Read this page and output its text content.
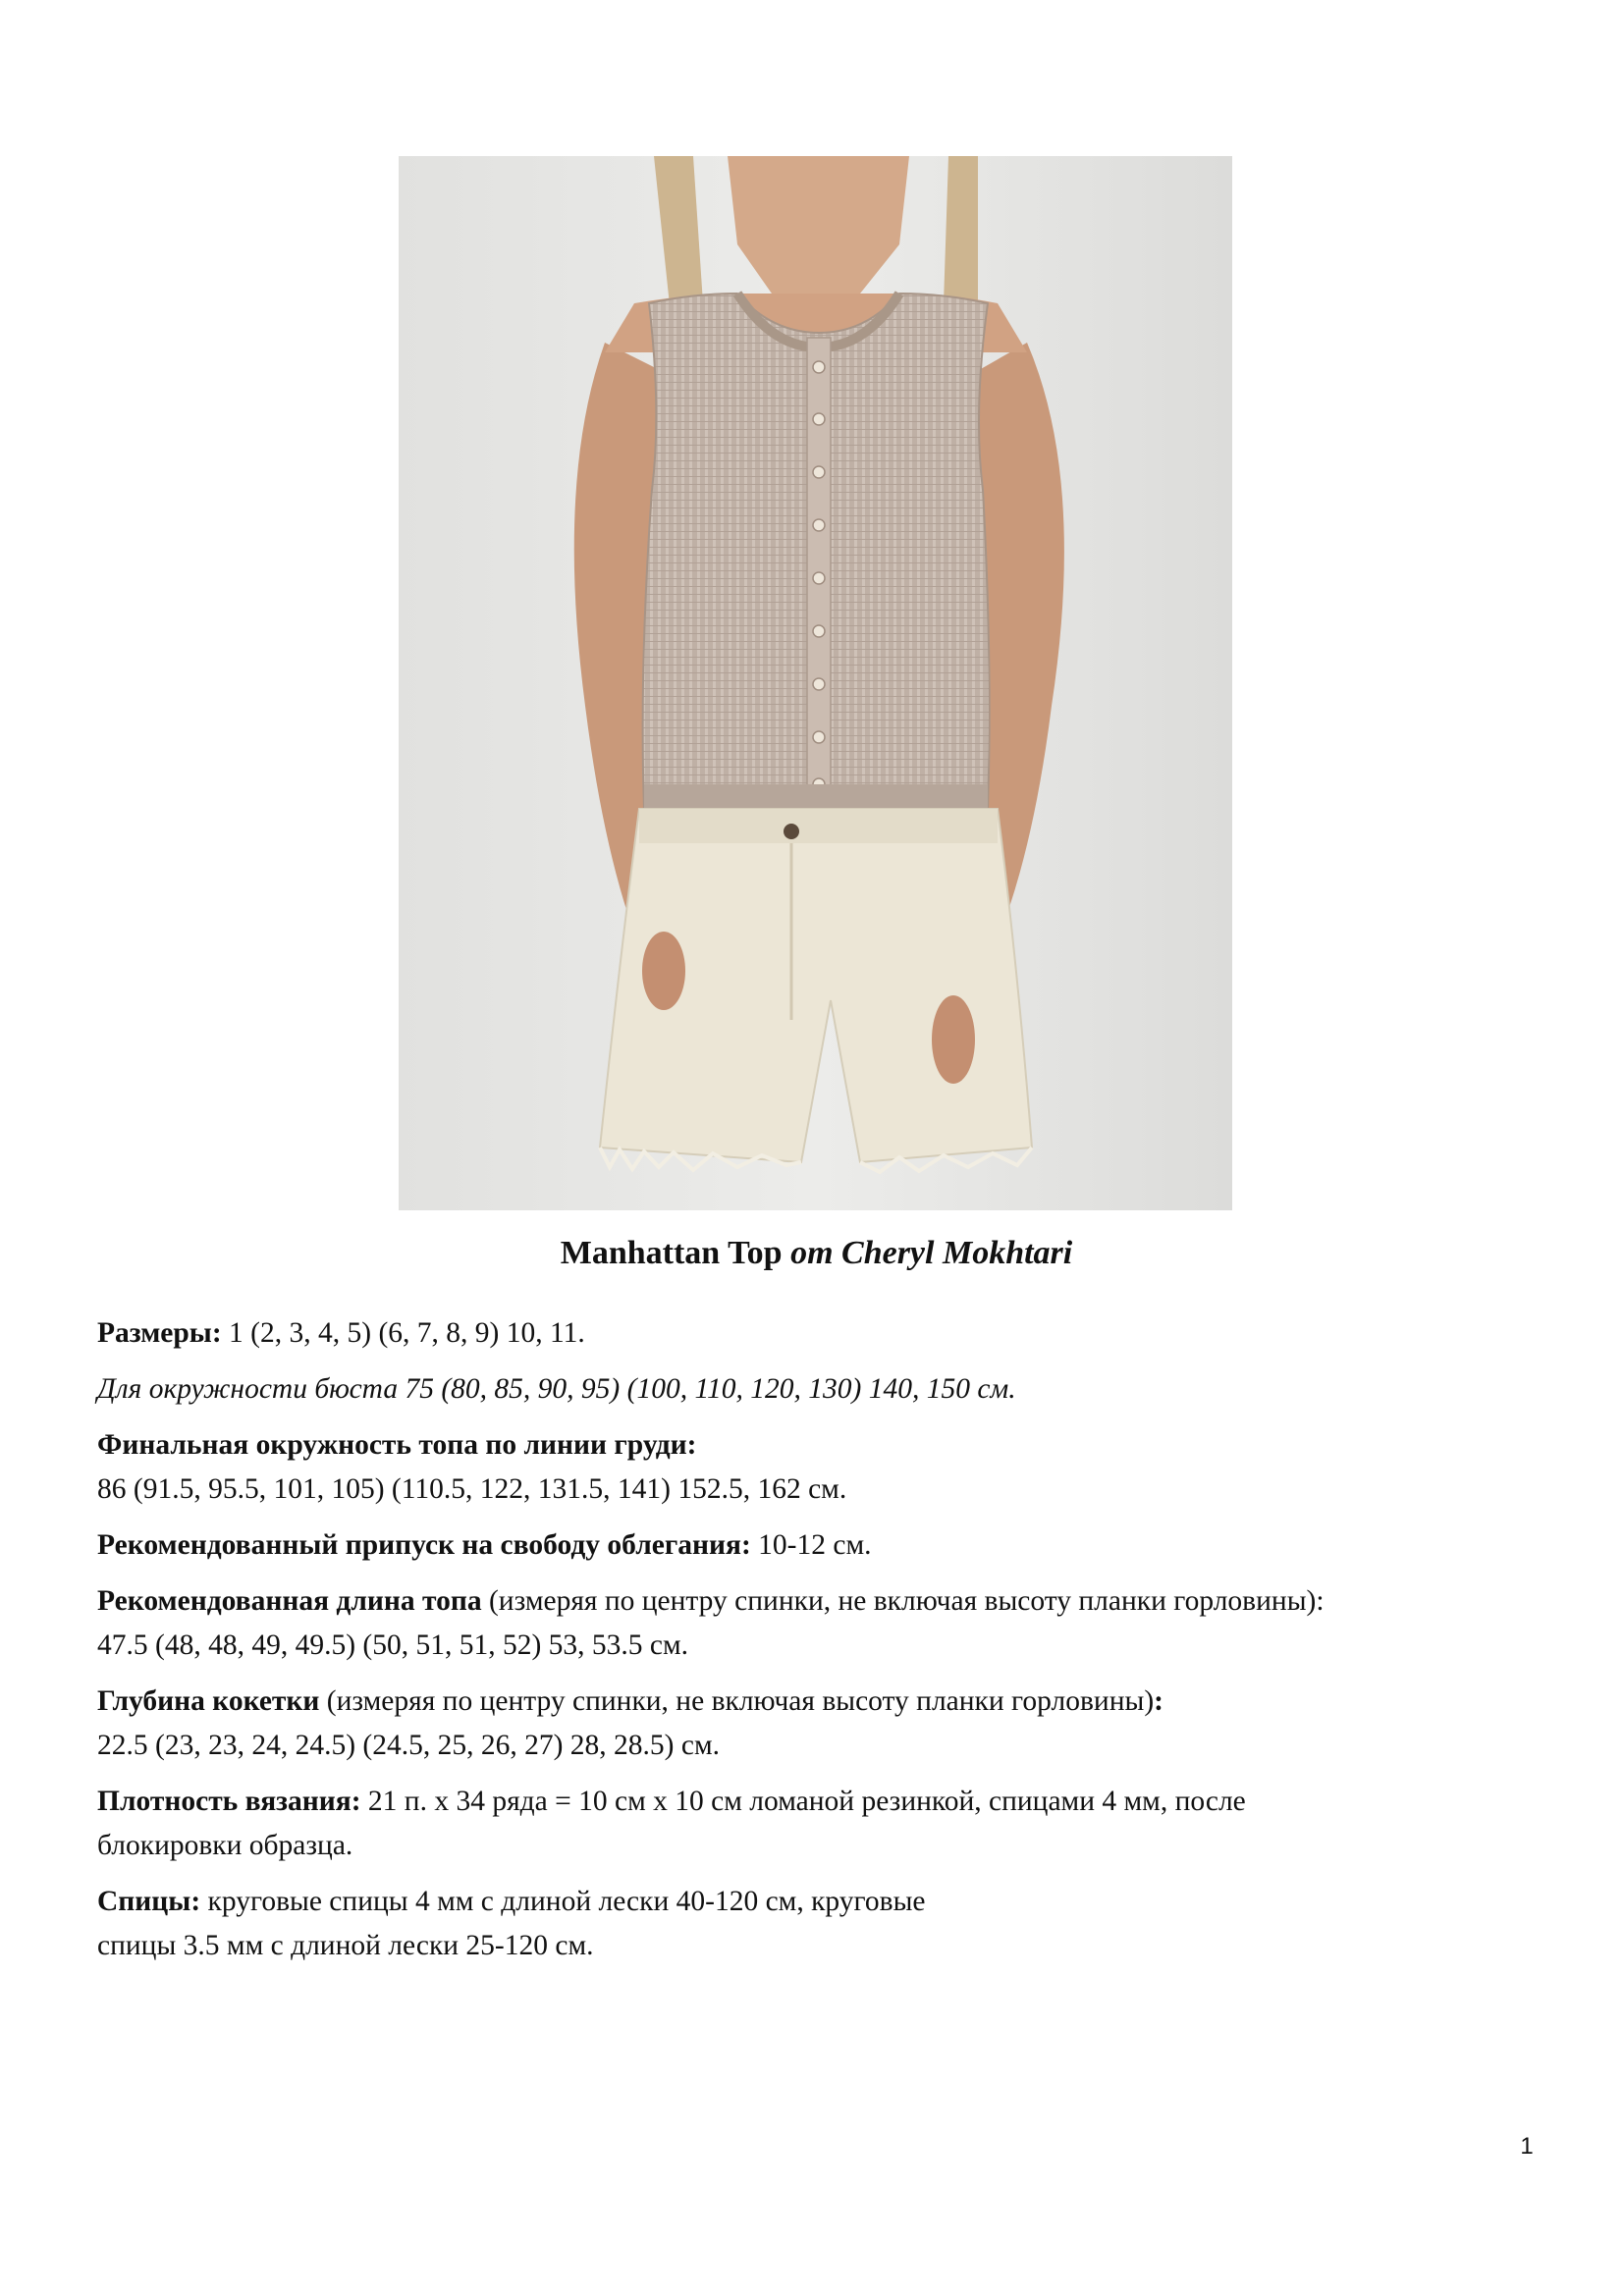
Manhattan Top от Cheryl Mokhtari

Размеры: 1 (2, 3, 4, 5) (6, 7, 8, 9) 10, 11.

Для окружности бюста 75 (80, 85, 90, 95) (100, 110, 120, 130) 140, 150 см.

Финальная окружность топа по линии груди:
86 (91.5, 95.5, 101, 105) (110.5, 122, 131.5, 141) 152.5, 162 см.

Рекомендованный припуск на свободу облегания: 10-12 см.

Рекомендованная длина топа (измеряя по центру спинки, не включая высоту планки горловины):
47.5 (48, 48, 49, 49.5) (50, 51, 51, 52) 53, 53.5 см.

Глубина кокетки (измеряя по центру спинки, не включая высоту планки горловины):
22.5 (23, 23, 24, 24.5) (24.5, 25, 26, 27) 28, 28.5) см.

Плотность вязания: 21 п. х 34 ряда = 10 см х 10 см ломаной резинкой, спицами 4 мм, после
блокировки образца.

Спицы: круговые спицы 4 мм с длиной лески 40-120 см, круговые
спицы 3.5 мм с длиной лески 25-120 см.

1
